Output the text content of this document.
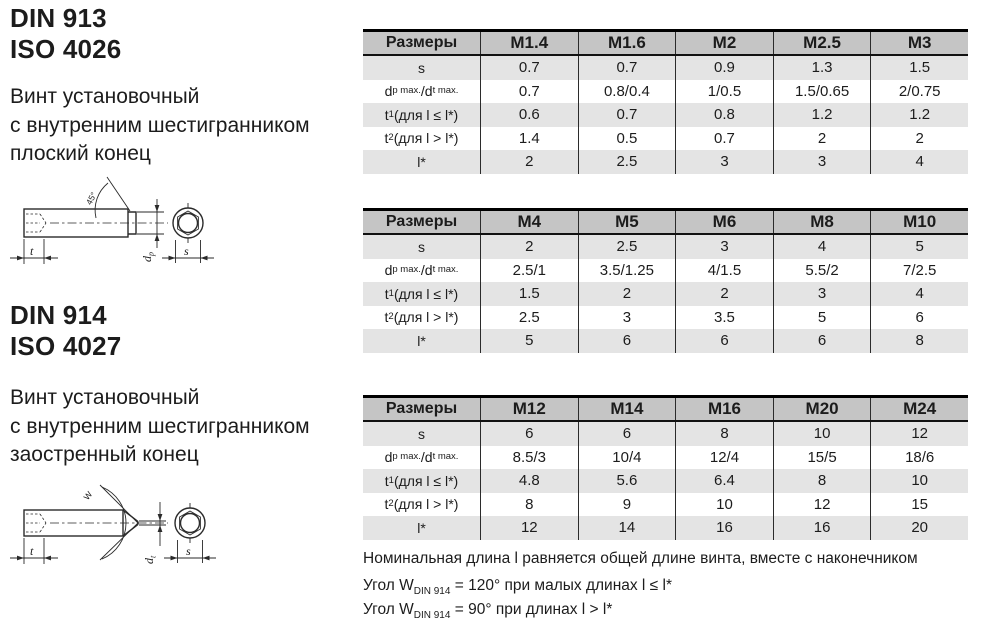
DIN 913
ISO 4026
Винт установочный
с внутренним шестигранником
плоский конец
45°
t
$d_p$ s
DIN 914
ISO 4027
Винт установочный
с внутренним шестигранником
заостренный конец
W
t
$d_t$ s
Размеры	M1.4	M1.6	M2	M2.5	M3
s	0.7	0.7	0.9	1.3	1.5
d p max. /d t max.	0.7	0.8/0.4	1/0.5	1.5/0.65	2/0.75
t 1 (для l ≤ l*)	0.6	0.7	0.8	1.2	1.2
t 2 (для l > l*)	1.4	0.5	0.7	2	2
l*	2	2.5	3	3	4
Размеры	M4	M5	M6	M8	M10
s	2	2.5	3	4	5
d p max. /d t max.	2.5/1	3.5/1.25	4/1.5	5.5/2	7/2.5
t 1 (для l ≤ l*)	1.5	2	2	3	4
t 2 (для l > l*)	2.5	3	3.5	5	6
l*	5	6	6	6	8
Размеры	M12	M14	M16	M20	M24
s	6	6	8	10	12
d p max. /d t max.	8.5/3	10/4	12/4	15/5	18/6
t 1 (для l ≤ l*)	4.8	5.6	6.4	8	10
t 2 (для l > l*)	8	9	10	12	15
l*	12	14	16	16	20
Номинальная длина l равняется общей длине винта, вместе с наконечником
Угол $W_{DIN 914} = 120^\circ$ при малых длинах l ≤ l*
Угол $W_{DIN 914} = 90^\circ$ при длинах l > l*
